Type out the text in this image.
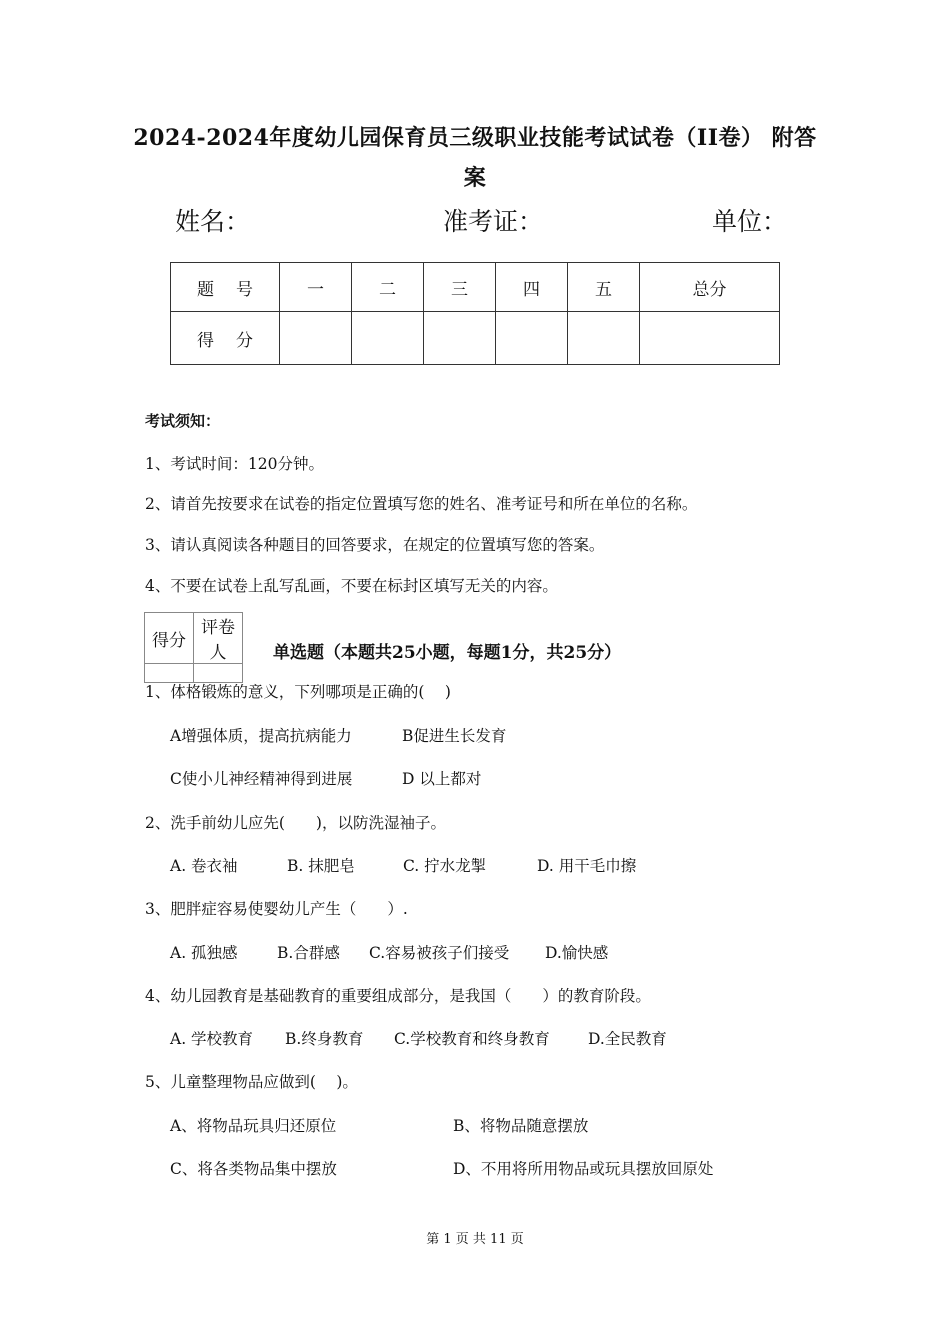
2024-2024年度幼儿园保育员三级职业技能考试试卷（II卷） 附答
案
姓名：	准考证：	单位：
题号	一	二	三	四	五	总分
得分						
考试须知：
1、考试时间：120分钟。
2、请首先按要求在试卷的指定位置填写您的姓名、准考证号和所在单位的名称。
3、请认真阅读各种题目的回答要求，在规定的位置填写您的答案。
4、不要在试卷上乱写乱画，不要在标封区填写无关的内容。
得分	评卷人
		单选题（本题共25小题，每题1分，共25分）
1、体格锻炼的意义，下列哪项是正确的(　 )
A增强体质，提高抗病能力	B促进生长发育
C使小儿神经精神得到进展	D 以上都对
2、洗手前幼儿应先(　　)，以防洗湿袖子。
A. 卷衣袖	B. 抹肥皂	C. 拧水龙掣	D. 用干毛巾擦
3、肥胖症容易使婴幼儿产生（　　）.
A. 孤独感	B.合群感 C.容易被孩子们接受 D.愉快感
4、幼儿园教育是基础教育的重要组成部分，是我国（　　）的教育阶段。
A. 学校教育 B.终身教育 C.学校教育和终身教育 D.全民教育
5、儿童整理物品应做到(　 )。
A、将物品玩具归还原位	B、将物品随意摆放
C、将各类物品集中摆放	D、不用将所用物品或玩具摆放回原处
第 1 页 共 11 页
